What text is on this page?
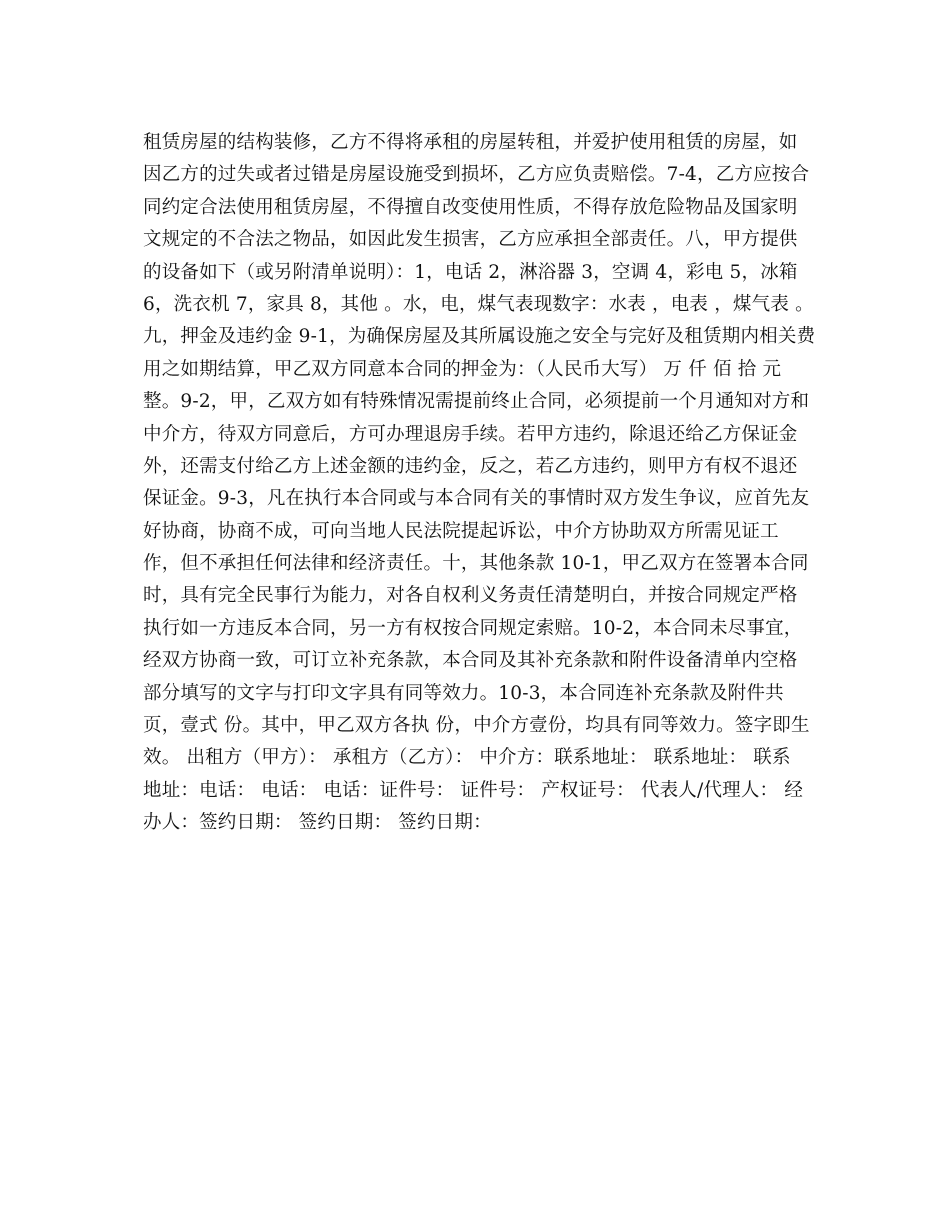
租赁房屋的结构装修，乙方不得将承租的房屋转租，并爱护使用租赁的房屋，如
因乙方的过失或者过错是房屋设施受到损坏，乙方应负责赔偿。7-4，乙方应按合
同约定合法使用租赁房屋，不得擅自改变使用性质，不得存放危险物品及国家明
文规定的不合法之物品，如因此发生损害，乙方应承担全部责任。八，甲方提供
的设备如下（或另附清单说明）：1，电话 2，淋浴器 3，空调 4，彩电 5，冰箱
6，洗衣机 7，家具 8，其他 。水，电，煤气表现数字：水表 ，电表 ，煤气表 。
九，押金及违约金 9-1，为确保房屋及其所属设施之安全与完好及租赁期内相关费
用之如期结算，甲乙双方同意本合同的押金为：（人民币大写） 万 仟 佰 拾 元
整。9-2，甲，乙双方如有特殊情况需提前终止合同，必须提前一个月通知对方和
中介方，待双方同意后，方可办理退房手续。若甲方违约，除退还给乙方保证金
外，还需支付给乙方上述金额的违约金，反之，若乙方违约，则甲方有权不退还
保证金。9-3，凡在执行本合同或与本合同有关的事情时双方发生争议，应首先友
好协商，协商不成，可向当地人民法院提起诉讼，中介方协助双方所需见证工
作，但不承担任何法律和经济责任。十，其他条款 10-1，甲乙双方在签署本合同
时，具有完全民事行为能力，对各自权利义务责任清楚明白，并按合同规定严格
执行如一方违反本合同，另一方有权按合同规定索赔。10-2，本合同未尽事宜，
经双方协商一致，可订立补充条款，本合同及其补充条款和附件设备清单内空格
部分填写的文字与打印文字具有同等效力。10-3，本合同连补充条款及附件共
页，壹式 份。其中，甲乙双方各执 份，中介方壹份，均具有同等效力。签字即生
效。 出租方（甲方）： 承租方（乙方）： 中介方：联系地址： 联系地址： 联系
地址：电话： 电话： 电话：证件号： 证件号： 产权证号： 代表人/代理人： 经
办人：签约日期： 签约日期： 签约日期：
